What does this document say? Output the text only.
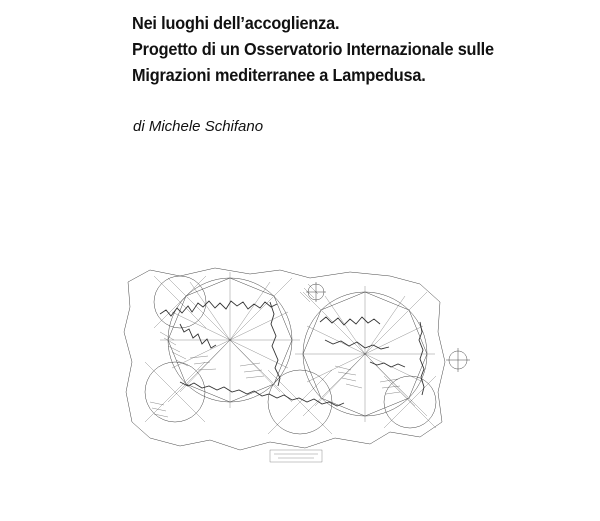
Nei luoghi dell’accoglienza.
Progetto di un Osservatorio Internazionale sulle
Migrazioni mediterranee a Lampedusa.

di Michele Schifano
